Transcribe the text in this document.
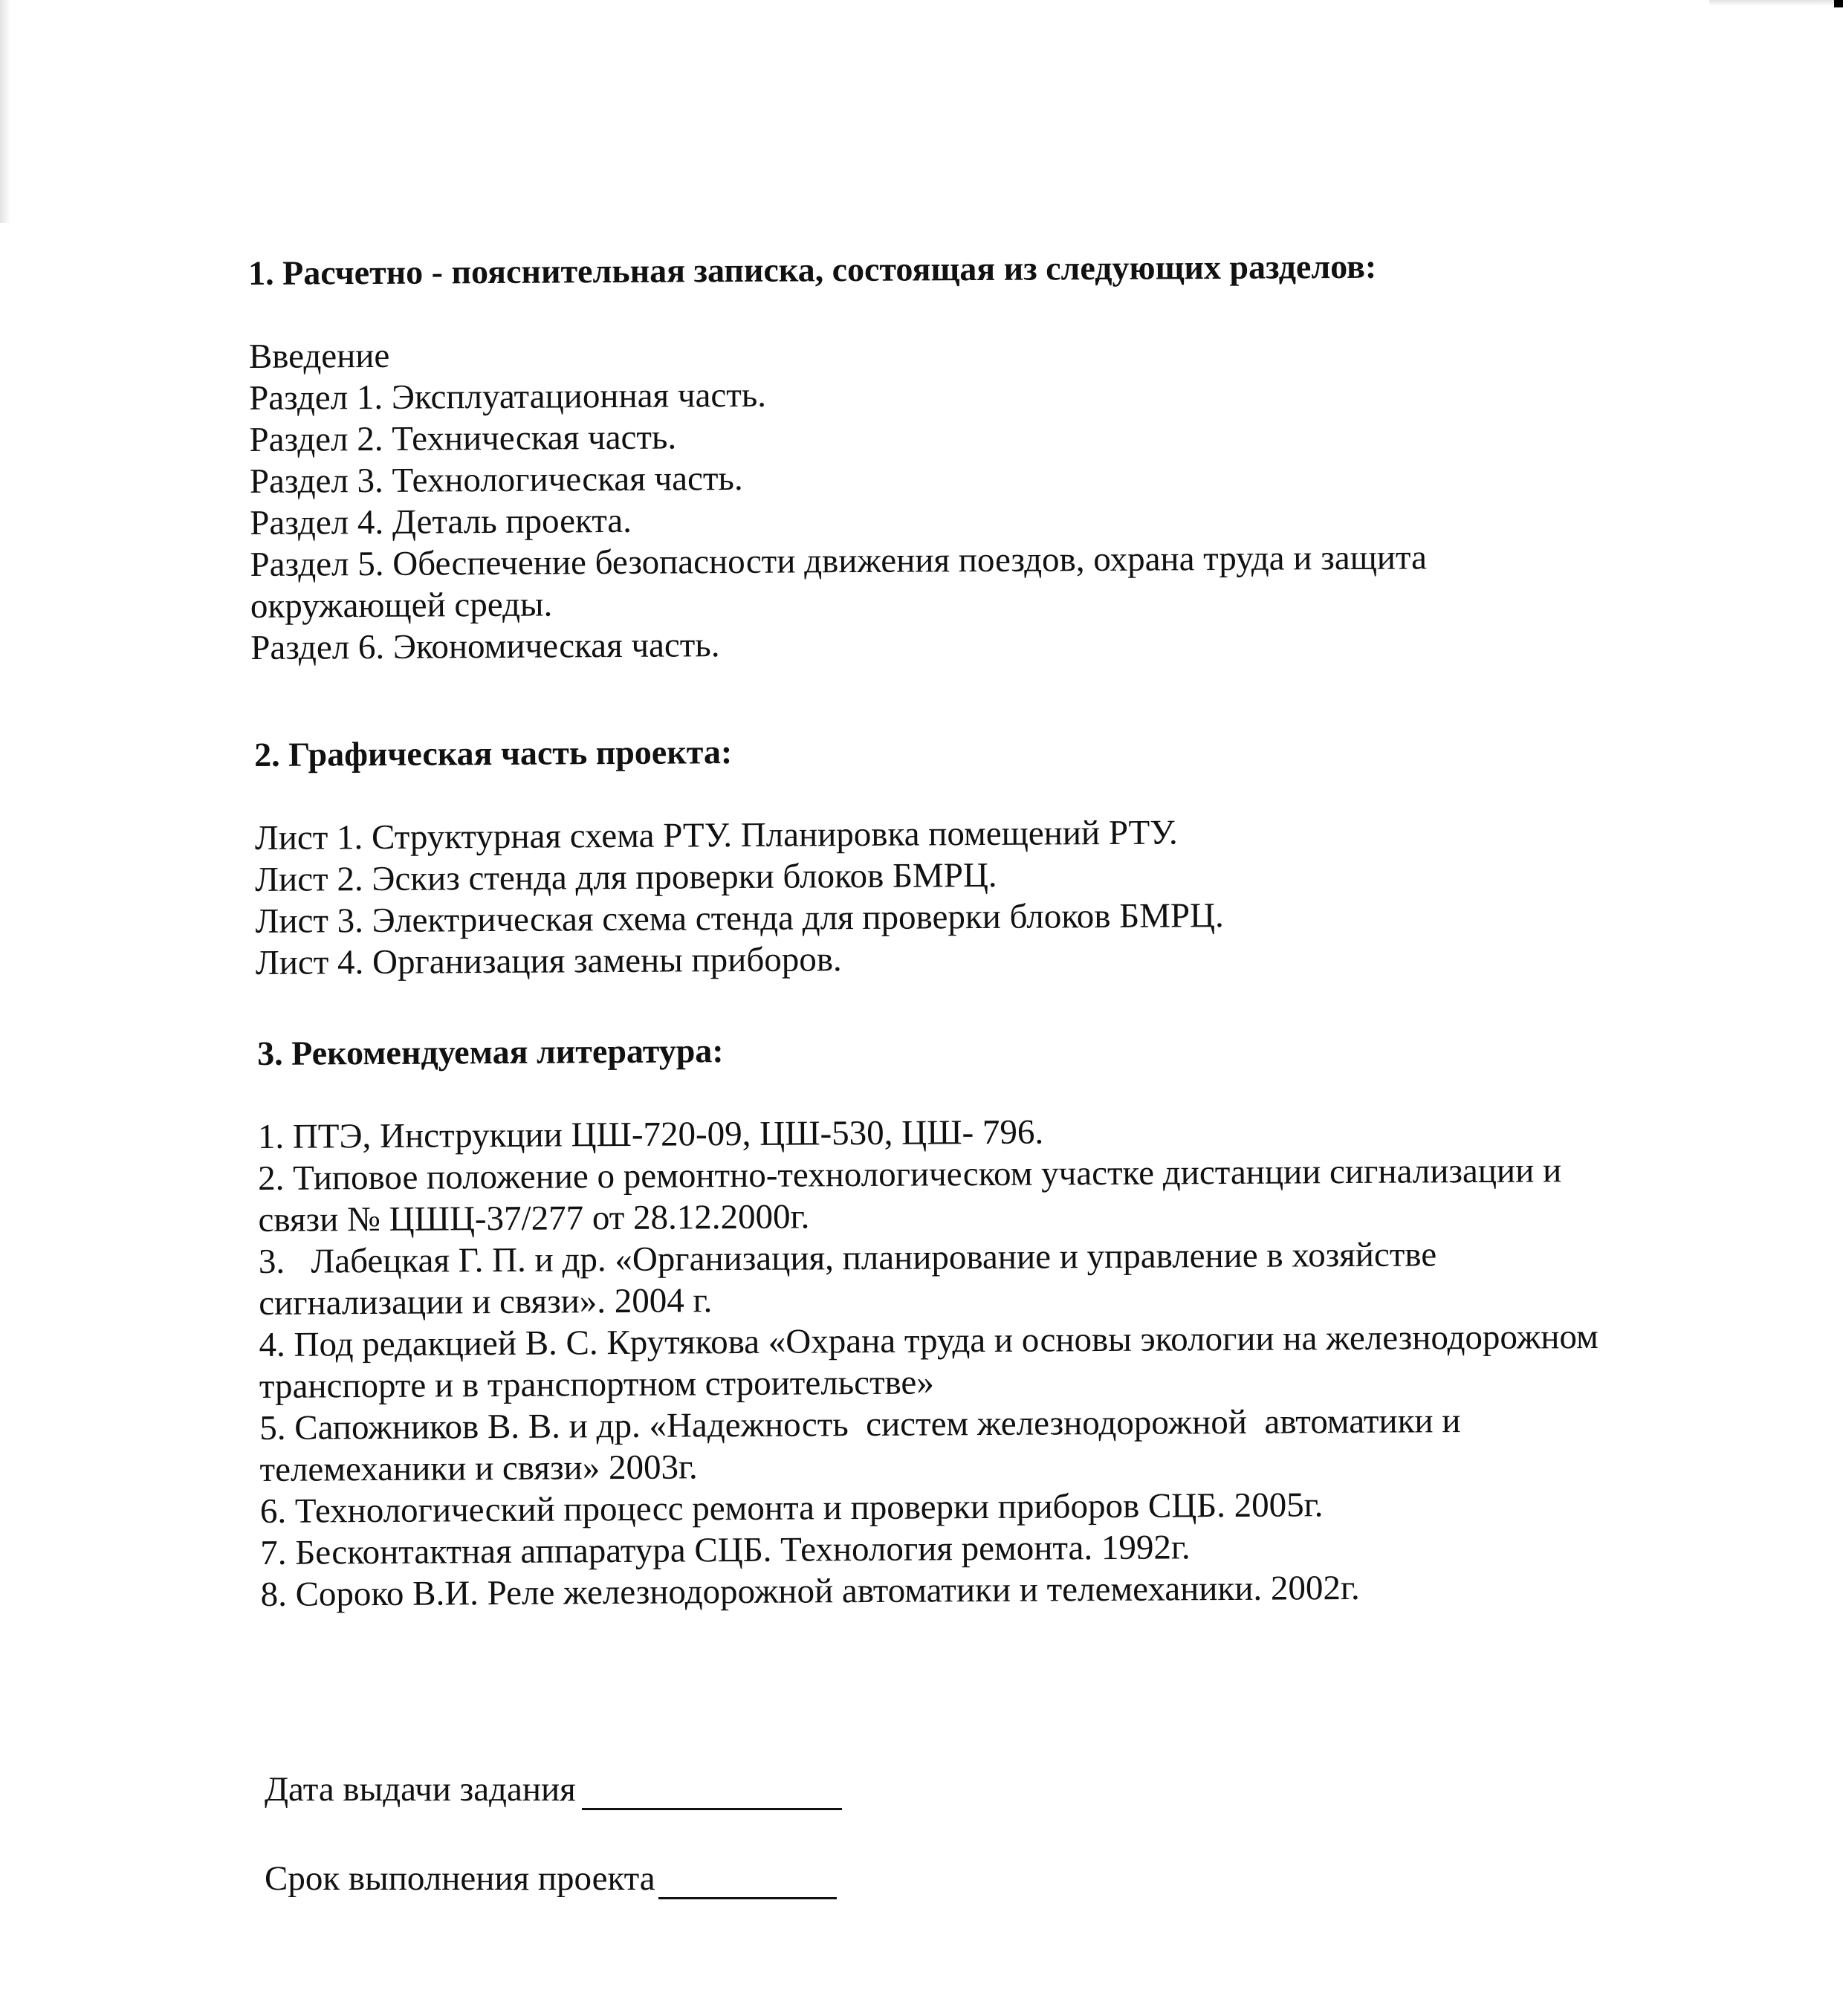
1. Расчетно - пояснительная записка, состоящая из следующих разделов:
Введение
Раздел 1. Эксплуатационная часть.
Раздел 2. Техническая часть.
Раздел 3. Технологическая часть.
Раздел 4. Деталь проекта.
Раздел 5. Обеспечение безопасности движения поездов, охрана труда и защита
окружающей среды.
Раздел 6. Экономическая часть.
2. Графическая часть проекта:
Лист 1. Структурная схема РТУ. Планировка помещений РТУ.
Лист 2. Эскиз стенда для проверки блоков БМРЦ.
Лист 3. Электрическая схема стенда для проверки блоков БМРЦ.
Лист 4. Организация замены приборов.
3. Рекомендуемая литература:
1. ПТЭ, Инструкции ЦШ-720-09, ЦШ-530, ЦШ- 796.
2. Типовое положение о ремонтно-технологическом участке дистанции сигнализации и
связи № ЦШЦ-37/277 от 28.12.2000г.
3.   Лабецкая Г. П. и др. «Организация, планирование и управление в хозяйстве
сигнализации и связи». 2004 г.
4. Под редакцией В. С. Крутякова «Охрана труда и основы экологии на железнодорожном
транспорте и в транспортном строительстве»
5. Сапожников В. В. и др. «Надежность  систем железнодорожной  автоматики и
телемеханики и связи» 2003г.
6. Технологический процесс ремонта и проверки приборов СЦБ. 2005г.
7. Бесконтактная аппаратура СЦБ. Технология ремонта. 1992г.
8. Сороко В.И. Реле железнодорожной автоматики и телемеханики. 2002г.
Дата выдачи задания
Срок выполнения проекта
